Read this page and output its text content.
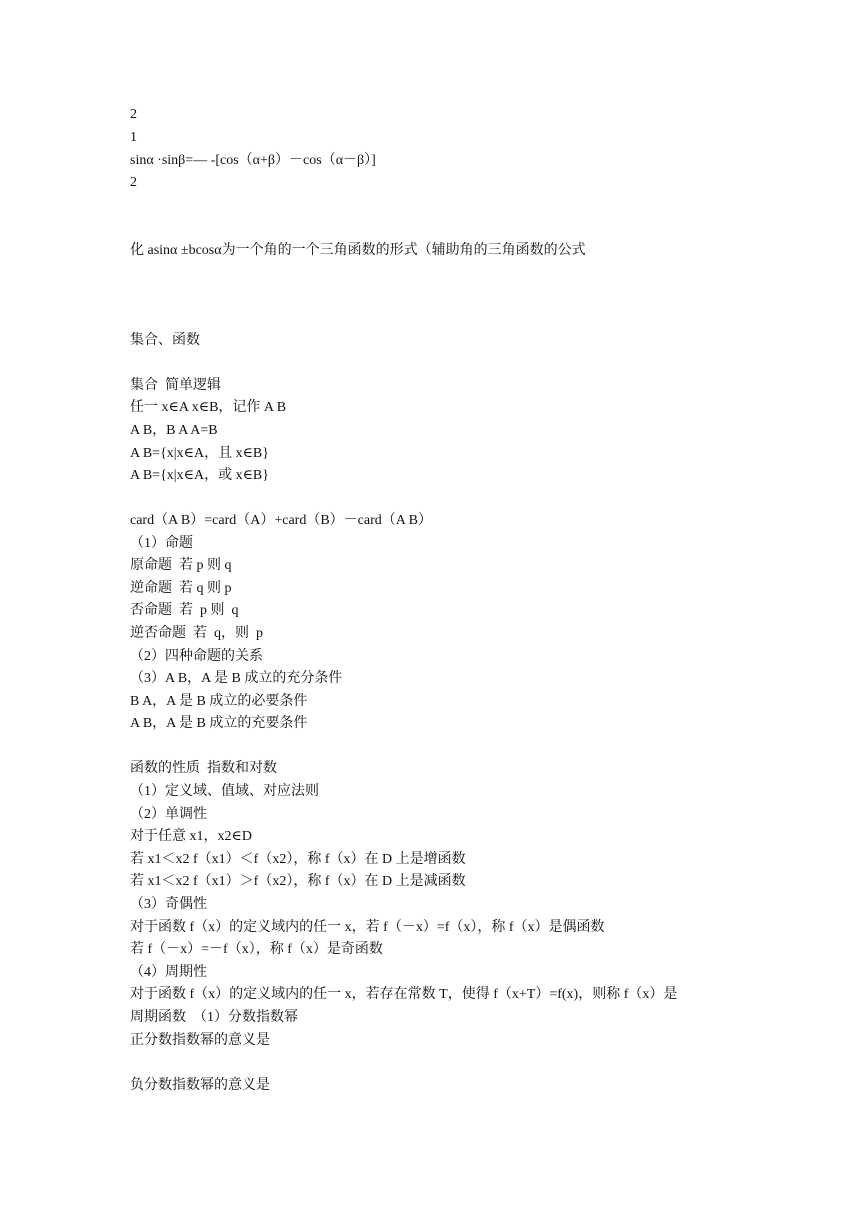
2
1
sinα ·sinβ=— -[cos（α+β）－cos（α－β）]
2
化 asinα ±bcosα为一个角的一个三角函数的形式（辅助角的三角函数的公式
集合、函数
集合  简单逻辑
任一 x∈A x∈B，记作 A B
A B，B A A=B
A B={x|x∈A，且 x∈B}
A B={x|x∈A，或 x∈B}
card（A B）=card（A）+card（B）－card（A B）
（1）命题
原命题  若 p 则 q
逆命题  若 q 则 p
否命题  若  p 则  q
逆否命题  若  q，则  p
（2）四种命题的关系
（3）A B，A 是 B 成立的充分条件
B A，A 是 B 成立的必要条件
A B，A 是 B 成立的充要条件
函数的性质  指数和对数
（1）定义域、值域、对应法则
（2）单调性
对于任意 x1，x2∈D
若 x1＜x2 f（x1）＜f（x2），称 f（x）在 D 上是增函数
若 x1＜x2 f（x1）＞f（x2），称 f（x）在 D 上是减函数
（3）奇偶性
对于函数 f（x）的定义域内的任一 x，若 f（－x）=f（x），称 f（x）是偶函数
若 f（－x）=－f（x），称 f（x）是奇函数
（4）周期性
对于函数 f（x）的定义域内的任一 x，若存在常数 T，使得 f（x+T）=f(x)，则称 f（x）是
周期函数  （1）分数指数幂
正分数指数幂的意义是
负分数指数幂的意义是
